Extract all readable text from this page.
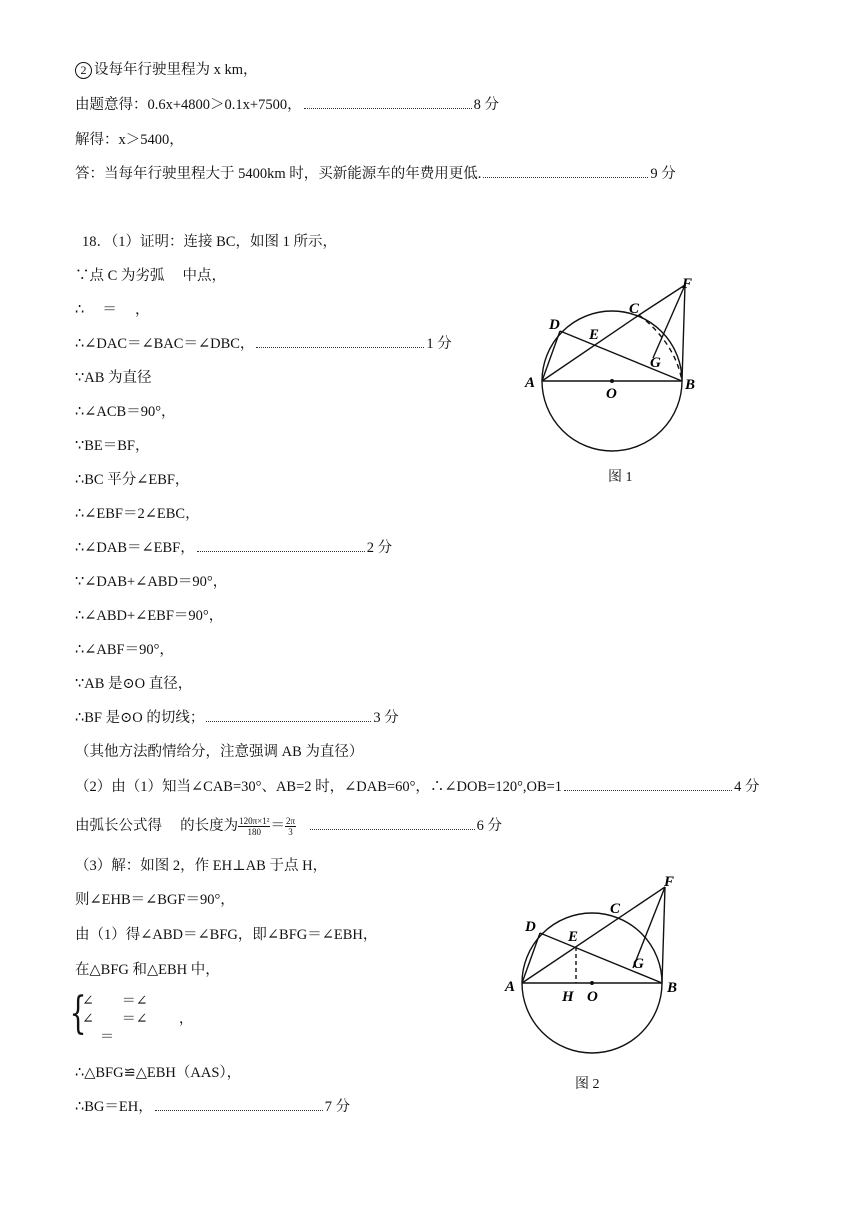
2 设每年行驶里程为 x km，
由题意得：0.6x+4800＞0.1x+7500，	8 分
解得：x＞5400，
答：当每年行驶里程大于 5400km 时，买新能源车的年费用更低.	9 分
18．（1）证明：连接 BC，如图 1 所示，
∵点 C 为劣弧　 中点，
∴　 ＝　 ，
∴∠DAC＝∠BAC＝∠DBC，	1 分
∵AB 为直径
∴∠ACB＝90°，
∵BE＝BF，
∴BC 平分∠EBF，
∴∠EBF＝2∠EBC，
∴∠DAB＝∠EBF，	2 分
∵∠DAB+∠ABD＝90°，
∴∠ABD+∠EBF＝90°，
∴∠ABF＝90°，
∵AB 是⊙O 直径，
∴BF 是⊙O 的切线；	3 分
（其他方法酌情给分，注意强调 AB 为直径）
（2）由（1）知当∠CAB=30°、AB=2 时，∠DAB=60°，∴∠DOB=120°,OB=1	4 分
由弧长公式得　 的长度为 $\frac{\text{120π×1²}}{180} = \frac{2\pi}{3}$	6 分
（3）解：如图 2，作 EH⊥AB 于点 H，
则∠EHB＝∠BGF＝90°，
由（1）得∠ABD＝∠BFG，即∠BFG＝∠EBH，
在△BFG 和△EBH 中，
{
∠　　＝∠
∠　　＝∠　　 ，
＝
∴△BFG≌△EBH（AAS），
∴BG＝EH，	7 分
A	B
C
D
E
F
G
O
图 1
A	B
C
D
E
F
G
O
H
图 2
